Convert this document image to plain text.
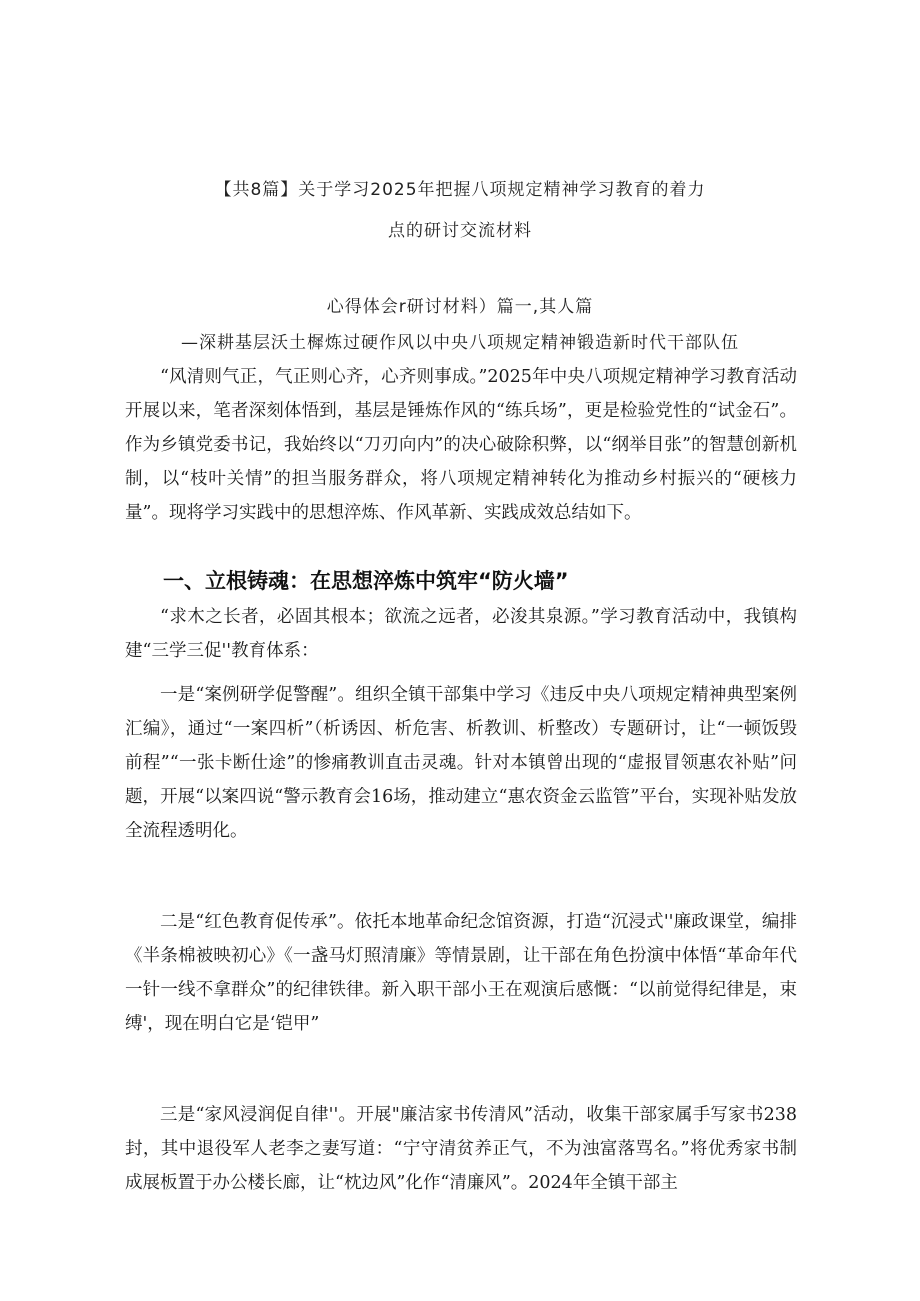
【共8篇】关于学习2025年把握八项规定精神学习教育的着力
点的研讨交流材料
心得体会r研讨材料）篇一,其人篇
—深耕基层沃土樨炼过硬作风以中央八项规定精神锻造新时代干部队伍
“风清则气正，气正则心齐，心齐则事成。”2025年中央八项规定精神学习教育活动开展以来，笔者深刻体悟到，基层是锤炼作风的“练兵场”，更是检验党性的“试金石”。作为乡镇党委书记，我始终以“刀刃向内”的决心破除积弊，以“纲举目张”的智慧创新机制，以“枝叶关情”的担当服务群众，将八项规定精神转化为推动乡村振兴的“硬核力量”。现将学习实践中的思想淬炼、作风革新、实践成效总结如下。
一、立根铸魂：在思想淬炼中筑牢“防火墙”
“求木之长者，必固其根本；欲流之远者，必浚其泉源。”学习教育活动中，我镇构建“三学三促''教育体系：
一是“案例研学促警醒”。组织全镇干部集中学习《违反中央八项规定精神典型案例汇编》，通过“一案四析”（析诱因、析危害、析教训、析整改）专题研讨，让“一顿饭毁前程”“一张卡断仕途”的惨痛教训直击灵魂。针对本镇曾出现的“虚报冒领惠农补贴”问题，开展“以案四说“警示教育会16场，推动建立“惠农资金云监管”平台，实现补贴发放全流程透明化。
二是“红色教育促传承”。依托本地革命纪念馆资源，打造“沉浸式''廉政课堂，编排《半条棉被映初心》《一盏马灯照清廉》等情景剧，让干部在角色扮演中体悟“革命年代一针一线不拿群众”的纪律铁律。新入职干部小王在观演后感慨：“以前觉得纪律是，束缚'，现在明白它是‘铠甲”
三是“家风浸润促自律''。开展"廉洁家书传清风”活动，收集干部家属手写家书238封，其中退役军人老李之妻写道：“宁守清贫养正气，不为浊富落骂名。”将优秀家书制成展板置于办公楼长廊，让“枕边风”化作“清廉风”。2024年全镇干部主
